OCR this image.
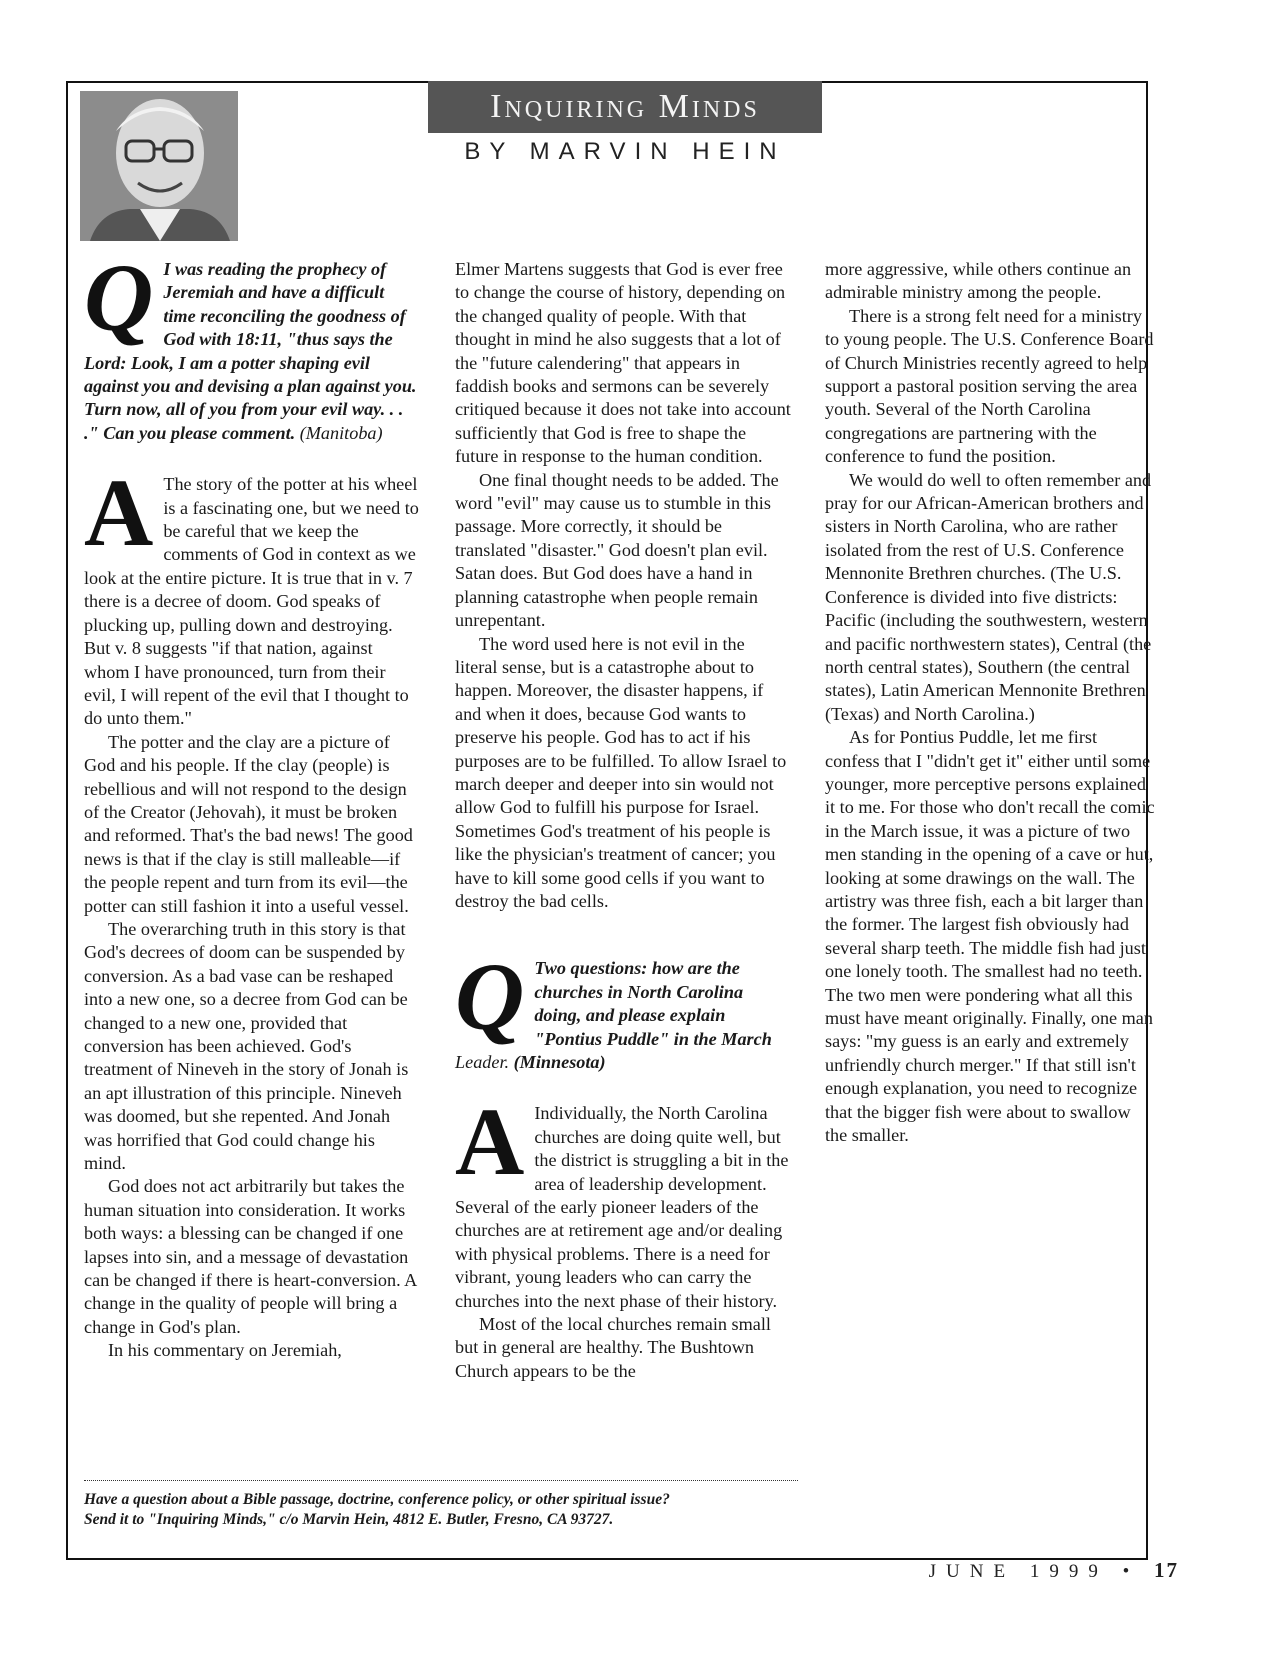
Inquiring Minds
BY MARVIN HEIN
Q I was reading the prophecy of Jeremiah and have a difficult time reconciling the goodness of God with 18:11, "thus says the Lord: Look, I am a potter shaping evil against you and devising a plan against you. Turn now, all of you from your evil way. . . ." Can you please comment. (Manitoba)

A The story of the potter at his wheel is a fascinating one, but we need to be careful that we keep the comments of God in context as we look at the entire picture. It is true that in v. 7 there is a decree of doom. God speaks of plucking up, pulling down and destroying. But v. 8 suggests "if that nation, against whom I have pronounced, turn from their evil, I will repent of the evil that I thought to do unto them."

The potter and the clay are a picture of God and his people. If the clay (people) is rebellious and will not respond to the design of the Creator (Jehovah), it must be broken and reformed. That's the bad news! The good news is that if the clay is still malleable—if the people repent and turn from its evil—the potter can still fashion it into a useful vessel.

The overarching truth in this story is that God's decrees of doom can be suspended by conversion. As a bad vase can be reshaped into a new one, so a decree from God can be changed to a new one, provided that conversion has been achieved. God's treatment of Nineveh in the story of Jonah is an apt illustration of this principle. Nineveh was doomed, but she repented. And Jonah was horrified that God could change his mind.

God does not act arbitrarily but takes the human situation into consideration. It works both ways: a blessing can be changed if one lapses into sin, and a message of devastation can be changed if there is heart-conversion. A change in the quality of people will bring a change in God's plan.

In his commentary on Jeremiah,

Elmer Martens suggests that God is ever free to change the course of history, depending on the changed quality of people. With that thought in mind he also suggests that a lot of the "future calendering" that appears in faddish books and sermons can be severely critiqued because it does not take into account sufficiently that God is free to shape the future in response to the human condition.

One final thought needs to be added. The word "evil" may cause us to stumble in this passage. More correctly, it should be translated "disaster." God doesn't plan evil. Satan does. But God does have a hand in planning catastrophe when people remain unrepentant.

The word used here is not evil in the literal sense, but is a catastrophe about to happen. Moreover, the disaster happens, if and when it does, because God wants to preserve his people. God has to act if his purposes are to be fulfilled. To allow Israel to march deeper and deeper into sin would not allow God to fulfill his purpose for Israel. Sometimes God's treatment of his people is like the physician's treatment of cancer; you have to kill some good cells if you want to destroy the bad cells.

Q Two questions: how are the churches in North Carolina doing, and please explain "Pontius Puddle" in the March Leader. (Minnesota)

A Individually, the North Carolina churches are doing quite well, but the district is struggling a bit in the area of leadership development. Several of the early pioneer leaders of the churches are at retirement age and/or dealing with physical problems. There is a need for vibrant, young leaders who can carry the churches into the next phase of their history.

Most of the local churches remain small but in general are healthy. The Bushtown Church appears to be the

more aggressive, while others continue an admirable ministry among the people.

There is a strong felt need for a ministry to young people. The U.S. Conference Board of Church Ministries recently agreed to help support a pastoral position serving the area youth. Several of the North Carolina congregations are partnering with the conference to fund the position.

We would do well to often remember and pray for our African-American brothers and sisters in North Carolina, who are rather isolated from the rest of U.S. Conference Mennonite Brethren churches. (The U.S. Conference is divided into five districts: Pacific (including the southwestern, western and pacific northwestern states), Central (the north central states), Southern (the central states), Latin American Mennonite Brethren (Texas) and North Carolina.)

As for Pontius Puddle, let me first confess that I "didn't get it" either until some younger, more perceptive persons explained it to me. For those who don't recall the comic in the March issue, it was a picture of two men standing in the opening of a cave or hut, looking at some drawings on the wall. The artistry was three fish, each a bit larger than the former. The largest fish obviously had several sharp teeth. The middle fish had just one lonely tooth. The smallest had no teeth. The two men were pondering what all this must have meant originally. Finally, one man says: "my guess is an early and extremely unfriendly church merger." If that still isn't enough explanation, you need to recognize that the bigger fish were about to swallow the smaller.

Have a question about a Bible passage, doctrine, conference policy, or other spiritual issue?
Send it to "Inquiring Minds," c/o Marvin Hein, 4812 E. Butler, Fresno, CA 93727.
JUNE 1999 • 17
